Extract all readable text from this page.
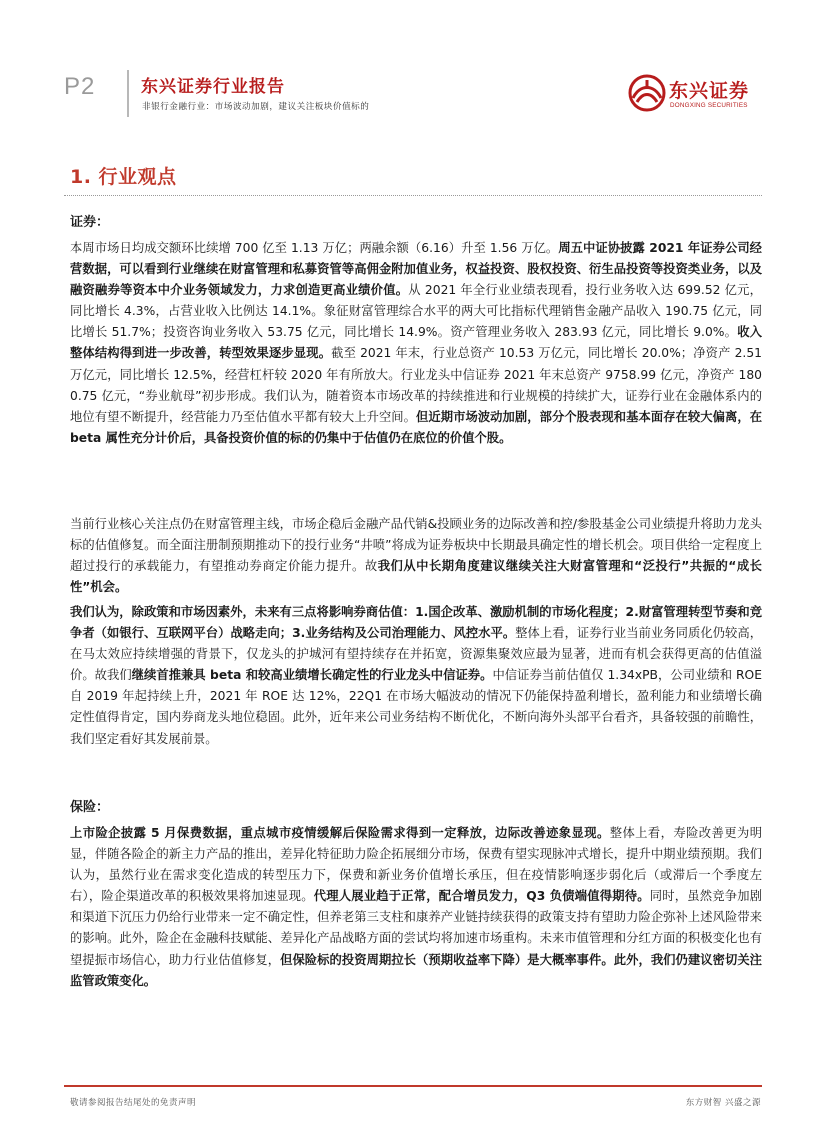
P2	东兴证券行业报告
非银行金融行业：市场波动加剧，建议关注板块价值标的
东兴证券
DONGXING SECURITIES
1. 行业观点
证券：
本周市场日均成交额环比续增 700 亿至 1.13 万亿；两融余额（6.16）升至 1.56 万亿。周五中证协披露 2021 年证券公司经营数据，可以看到行业继续在财富管理和私募资管等高佣金附加值业务，权益投资、股权投资、衍生品投资等投资类业务，以及融资融券等资本中介业务领域发力，力求创造更高业绩价值。从 2021 年全行业业绩表现看，投行业务收入达 699.52 亿元，同比增长 4.3%，占营业收入比例达 14.1%。象征财富管理综合水平的两大可比指标代理销售金融产品收入 190.75 亿元，同比增长 51.7%；投资咨询业务收入 53.75 亿元，同比增长 14.9%。资产管理业务收入 283.93 亿元，同比增长 9.0%。收入整体结构得到进一步改善，转型效果逐步显现。截至 2021 年末，行业总资产 10.53 万亿元，同比增长 20.0%；净资产 2.51 万亿元，同比增长 12.5%，经营杠杆较 2020 年有所放大。行业龙头中信证券 2021 年末总资产 9758.99 亿元，净资产 1800.75 亿元，“券业航母”初步形成。我们认为，随着资本市场改革的持续推进和行业规模的持续扩大，证券行业在金融体系内的地位有望不断提升，经营能力乃至估值水平都有较大上升空间。但近期市场波动加剧，部分个股表现和基本面存在较大偏离，在 beta 属性充分计价后，具备投资价值的标的仍集中于估值仍在底位的价值个股。
当前行业核心关注点仍在财富管理主线，市场企稳后金融产品代销&投顾业务的边际改善和控/参股基金公司业绩提升将助力龙头标的估值修复。而全面注册制预期推动下的投行业务“井喷”将成为证券板块中长期最具确定性的增长机会。项目供给一定程度上超过投行的承载能力，有望推动券商定价能力提升。故我们从中长期角度建议继续关注大财富管理和“泛投行”共振的“成长性”机会。
我们认为，除政策和市场因素外，未来有三点将影响券商估值：1.国企改革、激励机制的市场化程度；2.财富管理转型节奏和竞争者（如银行、互联网平台）战略走向；3.业务结构及公司治理能力、风控水平。整体上看，证券行业当前业务同质化仍较高，在马太效应持续增强的背景下，仅龙头的护城河有望持续存在并拓宽，资源集聚效应最为显著，进而有机会获得更高的估值溢价。故我们继续首推兼具 beta 和较高业绩增长确定性的行业龙头中信证券。中信证券当前估值仅 1.34xPB，公司业绩和 ROE 自 2019 年起持续上升，2021 年 ROE 达 12%，22Q1 在市场大幅波动的情况下仍能保持盈利增长，盈利能力和业绩增长确定性值得肯定，国内券商龙头地位稳固。此外，近年来公司业务结构不断优化，不断向海外头部平台看齐，具备较强的前瞻性，我们坚定看好其发展前景。
保险：
上市险企披露 5 月保费数据，重点城市疫情缓解后保险需求得到一定释放，边际改善迹象显现。整体上看，寿险改善更为明显，伴随各险企的新主力产品的推出，差异化特征助力险企拓展细分市场，保费有望实现脉冲式增长，提升中期业绩预期。我们认为，虽然行业在需求变化造成的转型压力下，保费和新业务价值增长承压，但在疫情影响逐步弱化后（或滞后一个季度左右），险企渠道改革的积极效果将加速显现。代理人展业趋于正常，配合增员发力，Q3 负债端值得期待。同时，虽然竞争加剧和渠道下沉压力仍给行业带来一定不确定性，但养老第三支柱和康养产业链持续获得的政策支持有望助力险企弥补上述风险带来的影响。此外，险企在金融科技赋能、差异化产品战略方面的尝试均将加速市场重构。未来市值管理和分红方面的积极变化也有望提振市场信心，助力行业估值修复，但保险标的投资周期拉长（预期收益率下降）是大概率事件。此外，我们仍建议密切关注监管政策变化。
敬请参阅报告结尾处的免责声明	东方财智 兴盛之源
